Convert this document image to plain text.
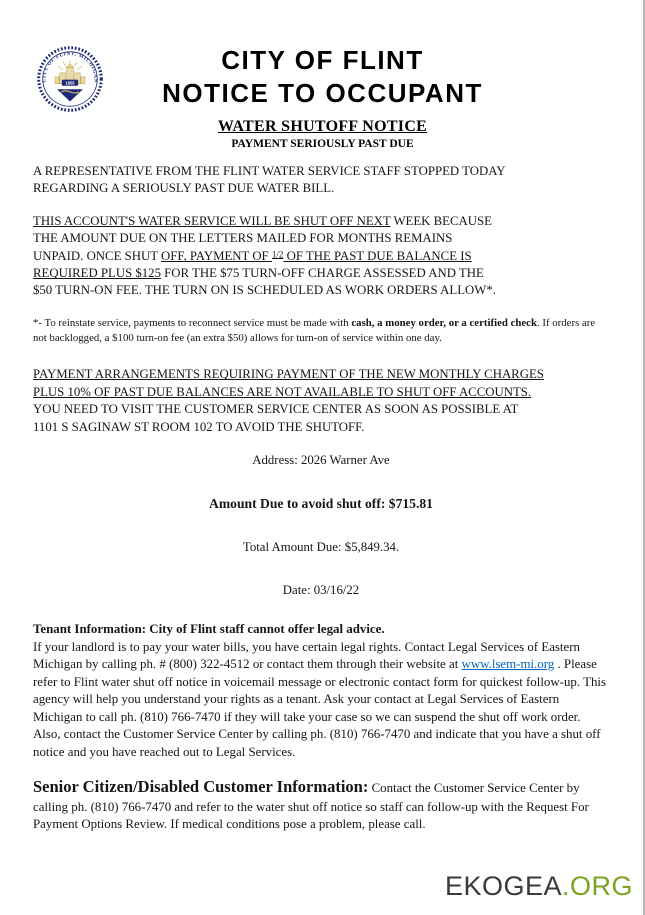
CITY OF FLINT, MICHIGAN
1855
CITY OF FLINT
NOTICE TO OCCUPANT
WATER SHUTOFF NOTICE
PAYMENT SERIOUSLY PAST DUE

A REPRESENTATIVE FROM THE FLINT WATER SERVICE STAFF STOPPED TODAY REGARDING A SERIOUSLY PAST DUE WATER BILL.

THIS ACCOUNT'S WATER SERVICE WILL BE SHUT OFF NEXT WEEK BECAUSE THE AMOUNT DUE ON THE LETTERS MAILED FOR MONTHS REMAINS UNPAID. ONCE SHUT OFF, PAYMENT OF 1/2 OF THE PAST DUE BALANCE IS REQUIRED PLUS $125 FOR THE $75 TURN-OFF CHARGE ASSESSED AND THE $50 TURN-ON FEE. THE TURN ON IS SCHEDULED AS WORK ORDERS ALLOW*.

*- To reinstate service, payments to reconnect service must be made with cash, a money order, or a certified check. If orders are not backlogged, a $100 turn-on fee (an extra $50) allows for turn-on of service within one day.

PAYMENT ARRANGEMENTS REQUIRING PAYMENT OF THE NEW MONTHLY CHARGES PLUS 10% OF PAST DUE BALANCES ARE NOT AVAILABLE TO SHUT OFF ACCOUNTS. YOU NEED TO VISIT THE CUSTOMER SERVICE CENTER AS SOON AS POSSIBLE AT 1101 S SAGINAW ST ROOM 102 TO AVOID THE SHUTOFF.

Address: 2026 Warner Ave

Amount Due to avoid shut off: $715.81

Total Amount Due: $5,849.34.

Date: 03/16/22

Tenant Information: City of Flint staff cannot offer legal advice.

If your landlord is to pay your water bills, you have certain legal rights. Contact Legal Services of Eastern Michigan by calling ph. # (800) 322-4512 or contact them through their website at www.lsem-mi.org . Please refer to Flint water shut off notice in voicemail message or electronic contact form for quickest follow-up. This agency will help you understand your rights as a tenant. Ask your contact at Legal Services of Eastern Michigan to call ph. (810) 766-7470 if they will take your case so we can suspend the shut off work order. Also, contact the Customer Service Center by calling ph. (810) 766-7470 and indicate that you have a shut off notice and you have reached out to Legal Services.

Senior Citizen/Disabled Customer Information: Contact the Customer Service Center by calling ph. (810) 766-7470 and refer to the water shut off notice so staff can follow-up with the Request For Payment Options Review. If medical conditions pose a problem, please call.

EKOGEA.ORG
